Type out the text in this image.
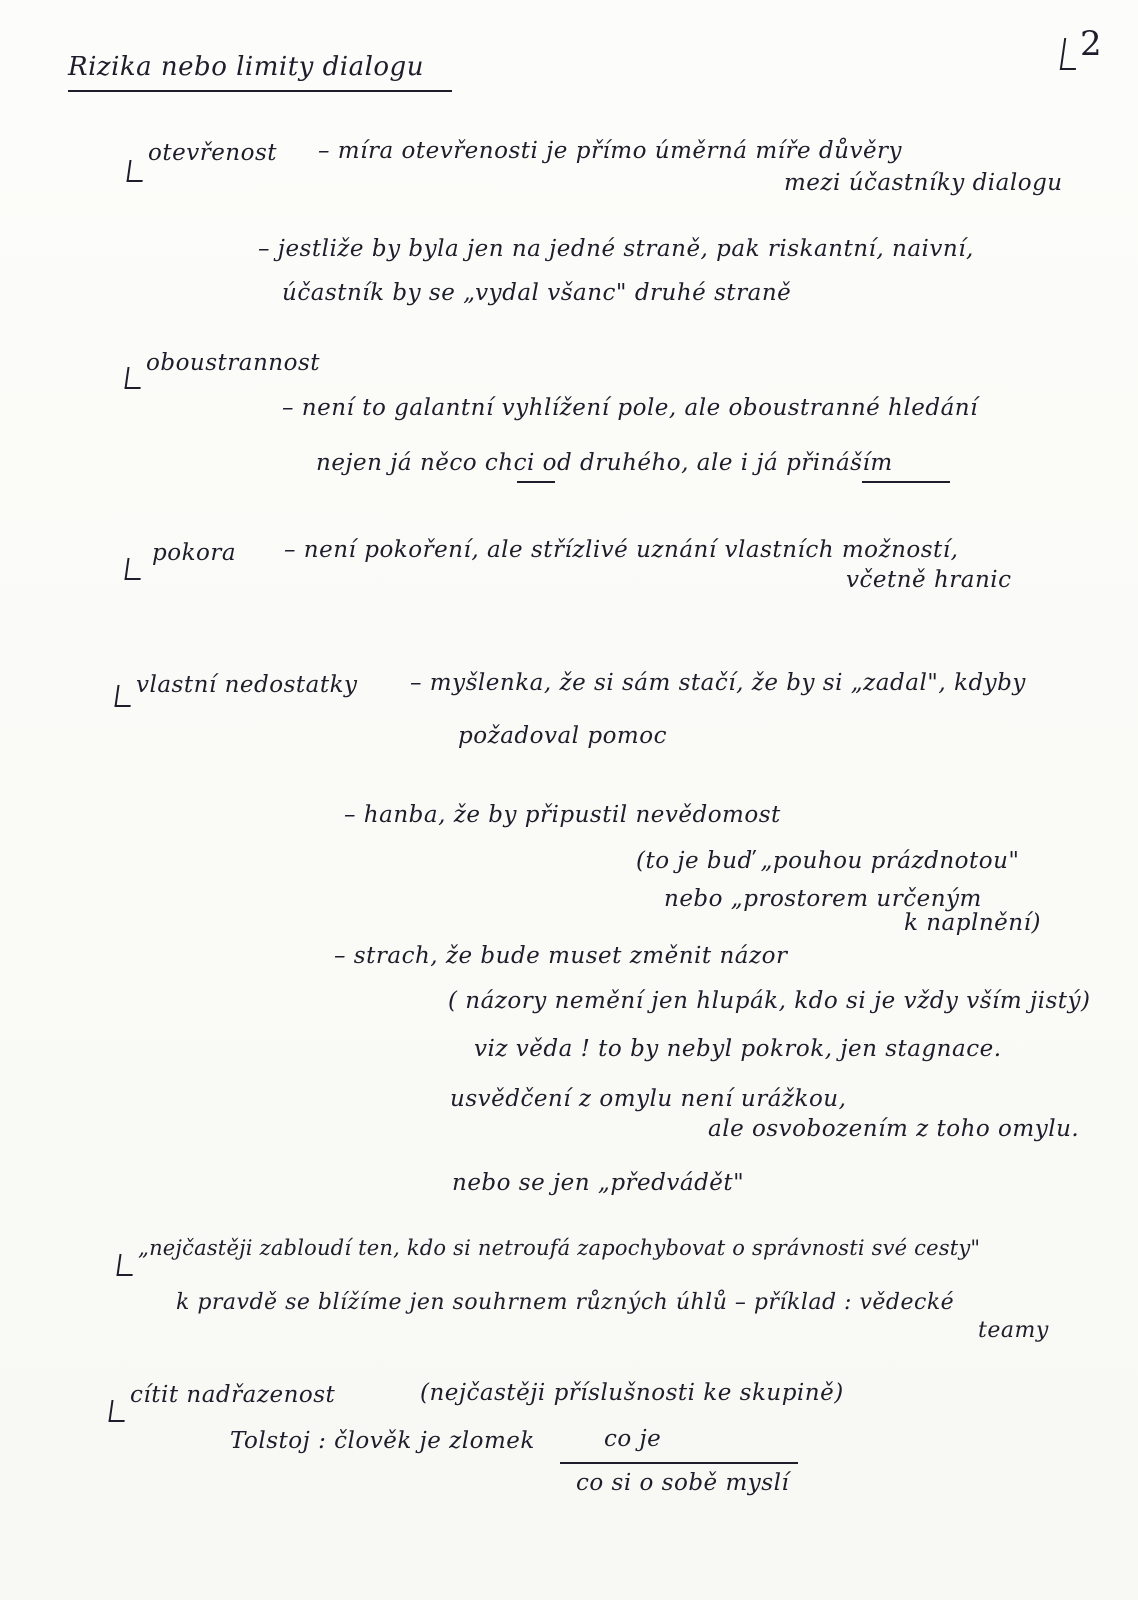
2
Rizika nebo limity dialogu
otevřenost – míra otevřenosti je přímo úměrná míře důvěry
mezi účastníky dialogu
– jestliže by byla jen na jedné straně, pak riskantní, naivní,
účastník by se „vydal všanc" druhé straně
oboustrannost
– není to galantní vyhlížení pole, ale oboustranné hledání
nejen já něco chci od druhého, ale i já přináším
pokora – není pokoření, ale střízlivé uznání vlastních možností,
včetně hranic
vlastní nedostatky – myšlenka, že si sám stačí, že by si „zadal", kdyby
požadoval pomoc
– hanba, že by připustil nevědomost
(to je buď „pouhou prázdnotou"
nebo „prostorem určeným
k naplnění)
– strach, že bude muset změnit názor
( názory nemění jen hlupák, kdo si je vždy vším jistý)
viz věda ! to by nebyl pokrok, jen stagnace.
usvědčení z omylu není urážkou,
ale osvobozením z toho omylu.
nebo se jen „předvádět"
„nejčastěji zabloudí ten, kdo si netroufá zapochybovat o správnosti své cesty"
k pravdě se blížíme jen souhrnem různých úhlů – příklad : vědecké
teamy
cítit nadřazenost	(nejčastěji příslušnosti ke skupině)
Tolstoj : člověk je zlomek	co je
co si o sobě myslí
